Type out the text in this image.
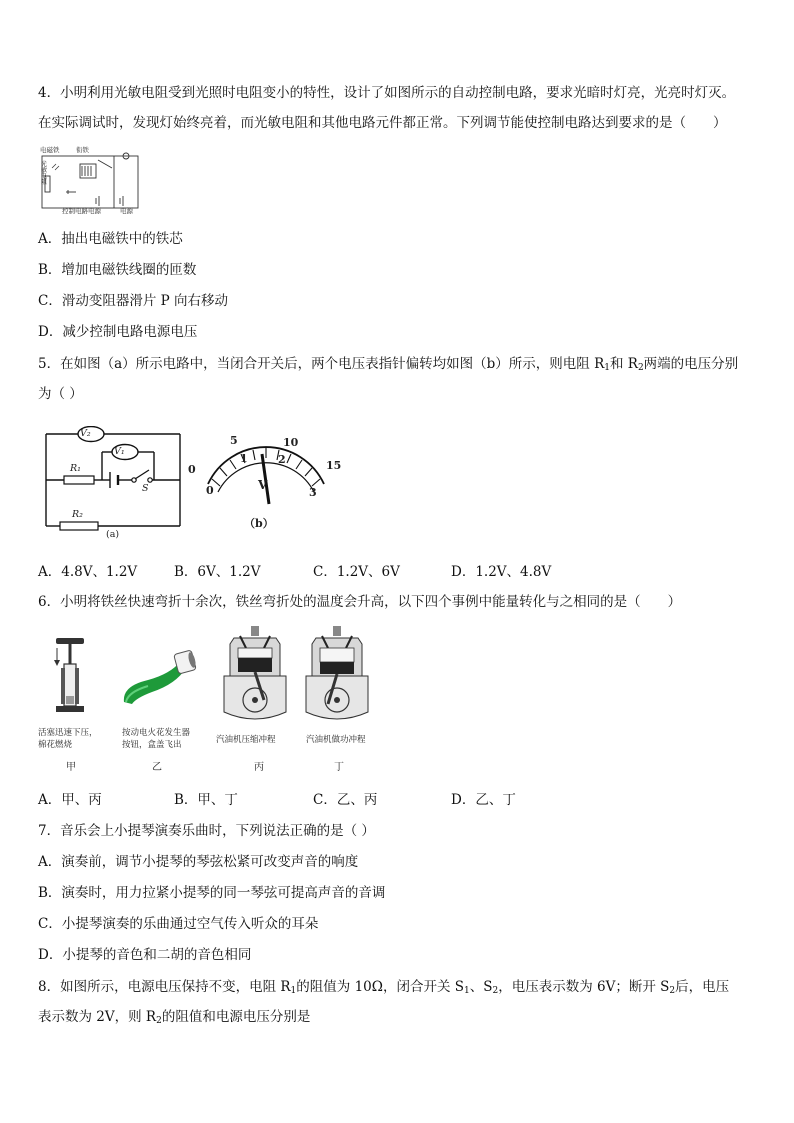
4．小明利用光敏电阻受到光照时电阻变小的特性，设计了如图所示的自动控制电路，要求光暗时灯亮，光亮时灯灭。
在实际调试时，发现灯始终亮着，而光敏电阻和其他电路元件都正常。下列调节能使控制电路达到要求的是（　　）
电磁铁	衔铁
光敏电阻
控制电路电源	电源
A．抽出电磁铁中的铁芯
B．增加电磁铁线圈的匝数
C．滑动变阻器滑片 P 向右移动
D．减少控制电路电源电压
5．在如图（a）所示电路中，当闭合开关后，两个电压表指针偏转均如图（b）所示，则电阻 $R_1$和 $R_2$两端的电压分别
为（ ）
V₂
V₁
R₁
R₂
S
(a)
0
5	10
15
0
1	2
3
V
（b）
A．4.8V、1.2V	B．6V、1.2V	C．1.2V、6V	D．1.2V、4.8V
6．小明将铁丝快速弯折十余次，铁丝弯折处的温度会升高，以下四个事例中能量转化与之相同的是（　　）
活塞迅速下压，
棉花燃烧
按动电火花发生器
按钮，盒盖飞出	汽油机压缩冲程	汽油机做功冲程
甲	乙	丙	丁
A．甲、丙	B．甲、丁	C．乙、丙	D．乙、丁
7．音乐会上小提琴演奏乐曲时，下列说法正确的是（ ）
A．演奏前，调节小提琴的琴弦松紧可改变声音的响度
B．演奏时，用力拉紧小提琴的同一琴弦可提高声音的音调
C．小提琴演奏的乐曲通过空气传入听众的耳朵
D．小提琴的音色和二胡的音色相同
8．如图所示，电源电压保持不变，电阻 $R_1$的阻值为 10Ω，闭合开关 $S_1$、$S_2$，电压表示数为 6V；断开 $S_2$后，电压
表示数为 2V，则 $R_2$的阻值和电源电压分别是
